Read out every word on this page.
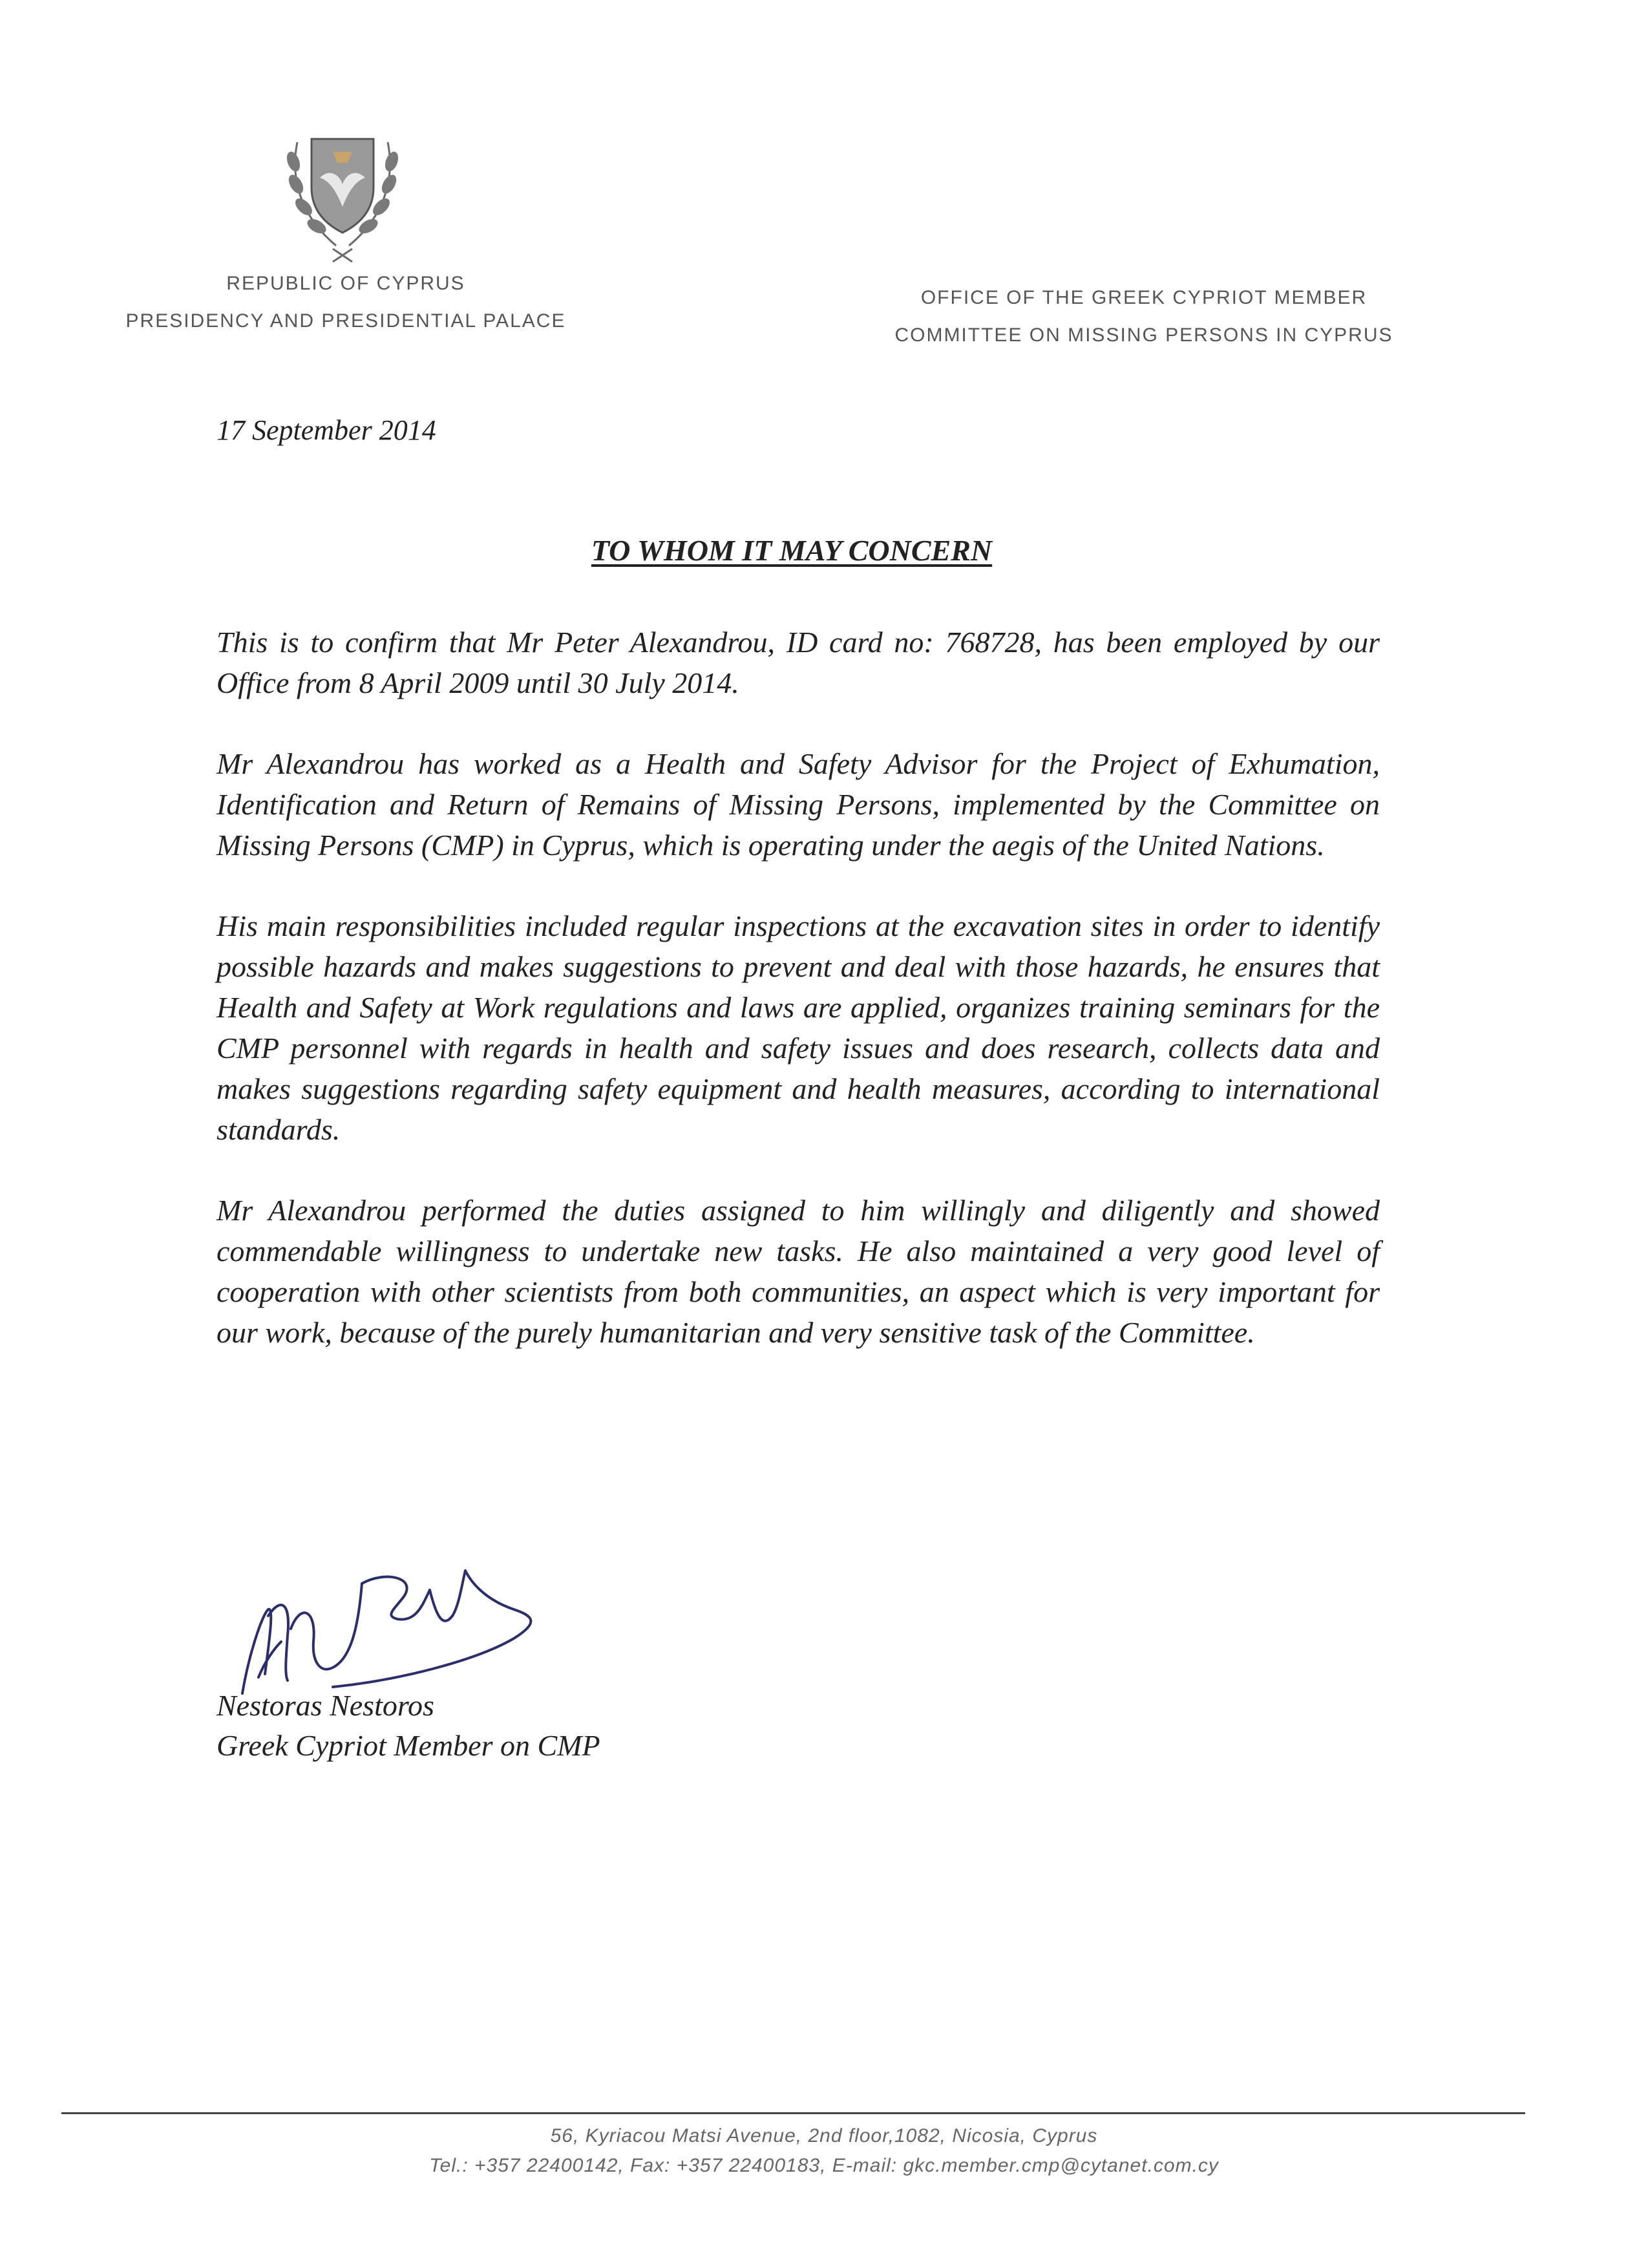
REPUBLIC OF CYPRUS
PRESIDENCY AND PRESIDENTIAL PALACE
OFFICE OF THE GREEK CYPRIOT MEMBER
COMMITTEE ON MISSING PERSONS IN CYPRUS
17 September 2014
TO WHOM IT MAY CONCERN

This is to confirm that Mr Peter Alexandrou, ID card no: 768728, has been employed by our Office from 8 April 2009 until 30 July 2014.

Mr Alexandrou has worked as a Health and Safety Advisor for the Project of Exhumation, Identification and Return of Remains of Missing Persons, implemented by the Committee on Missing Persons (CMP) in Cyprus, which is operating under the aegis of the United Nations.

His main responsibilities included regular inspections at the excavation sites in order to identify possible hazards and makes suggestions to prevent and deal with those hazards, he ensures that Health and Safety at Work regulations and laws are applied, organizes training seminars for the CMP personnel with regards in health and safety issues and does research, collects data and makes suggestions regarding safety equipment and health measures, according to international standards.

Mr Alexandrou performed the duties assigned to him willingly and diligently and showed commendable willingness to undertake new tasks. He also maintained a very good level of cooperation with other scientists from both communities, an aspect which is very important for our work, because of the purely humanitarian and very sensitive task of the Committee.

Nestoras Nestoros
Greek Cypriot Member on CMP
56, Kyriacou Matsi Avenue, 2nd floor,1082, Nicosia, Cyprus
Tel.: +357 22400142, Fax: +357 22400183, E-mail: gkc.member.cmp@cytanet.com.cy
